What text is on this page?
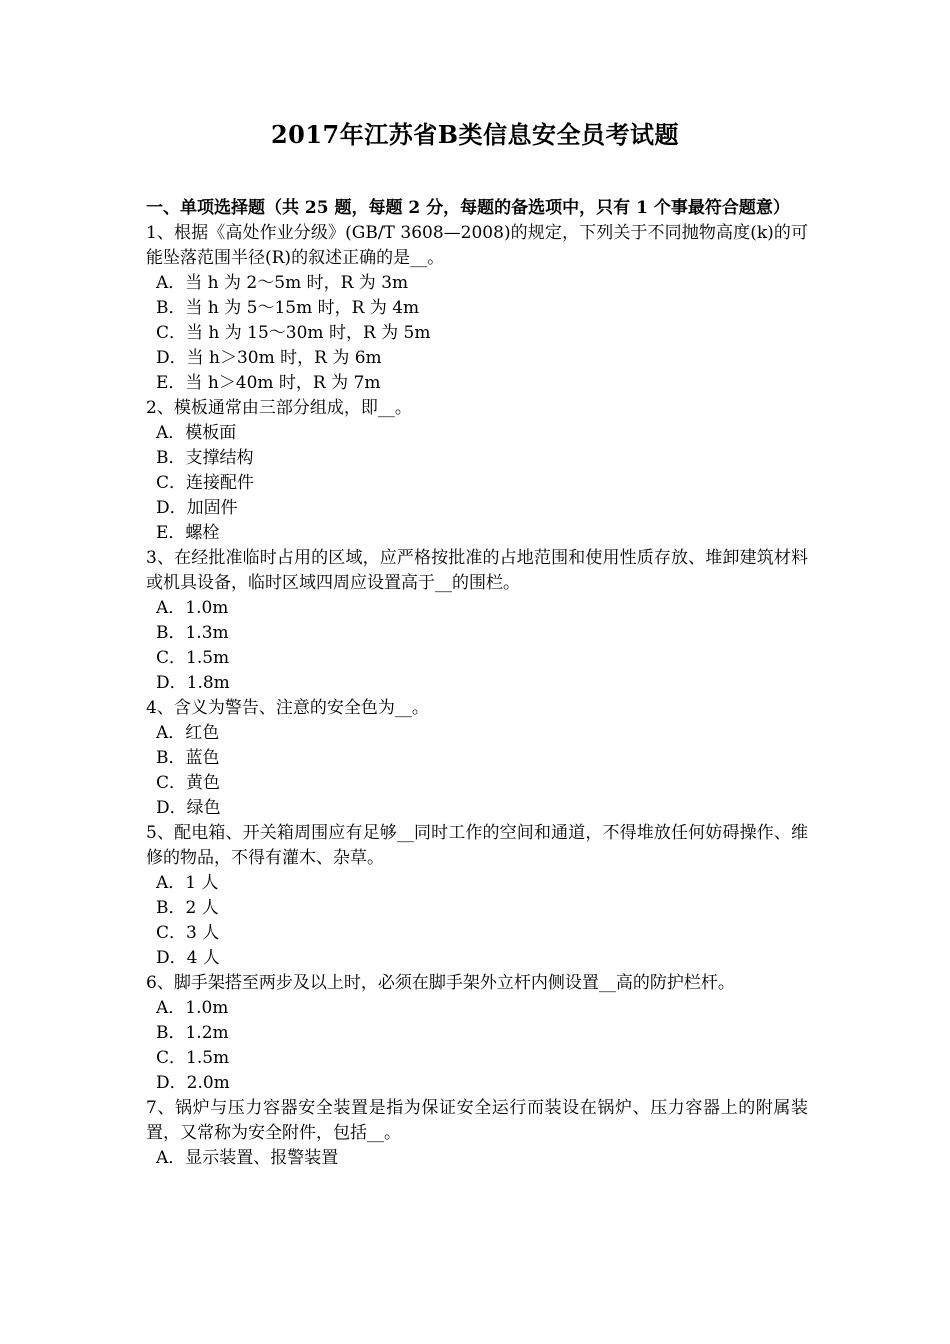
2017年江苏省B类信息安全员考试题
一、单项选择题（共 25 题，每题 2 分，每题的备选项中，只有 1 个事最符合题意）
1、根据《高处作业分级》(GB/T 3608—2008)的规定，下列关于不同抛物高度(k)的可能坠落范围半径(R)的叙述正确的是__。
A．当 h 为 2～5m 时，R 为 3m
B．当 h 为 5～15m 时，R 为 4m
C．当 h 为 15～30m 时，R 为 5m
D．当 h＞30m 时，R 为 6m
E．当 h＞40m 时，R 为 7m
2、模板通常由三部分组成，即__。
A．模板面
B．支撑结构
C．连接配件
D．加固件
E．螺栓
3、在经批准临时占用的区域，应严格按批准的占地范围和使用性质存放、堆卸建筑材料或机具设备，临时区域四周应设置高于__的围栏。
A．1.0m
B．1.3m
C．1.5m
D．1.8m
4、含义为警告、注意的安全色为__。
A．红色
B．蓝色
C．黄色
D．绿色
5、配电箱、开关箱周围应有足够__同时工作的空间和通道，不得堆放任何妨碍操作、维修的物品，不得有灌木、杂草。
A．1 人
B．2 人
C．3 人
D．4 人
6、脚手架搭至两步及以上时，必须在脚手架外立杆内侧设置__高的防护栏杆。
A．1.0m
B．1.2m
C．1.5m
D．2.0m
7、锅炉与压力容器安全装置是指为保证安全运行而装设在锅炉、压力容器上的附属装置，又常称为安全附件，包括__。
A．显示装置、报警装置
